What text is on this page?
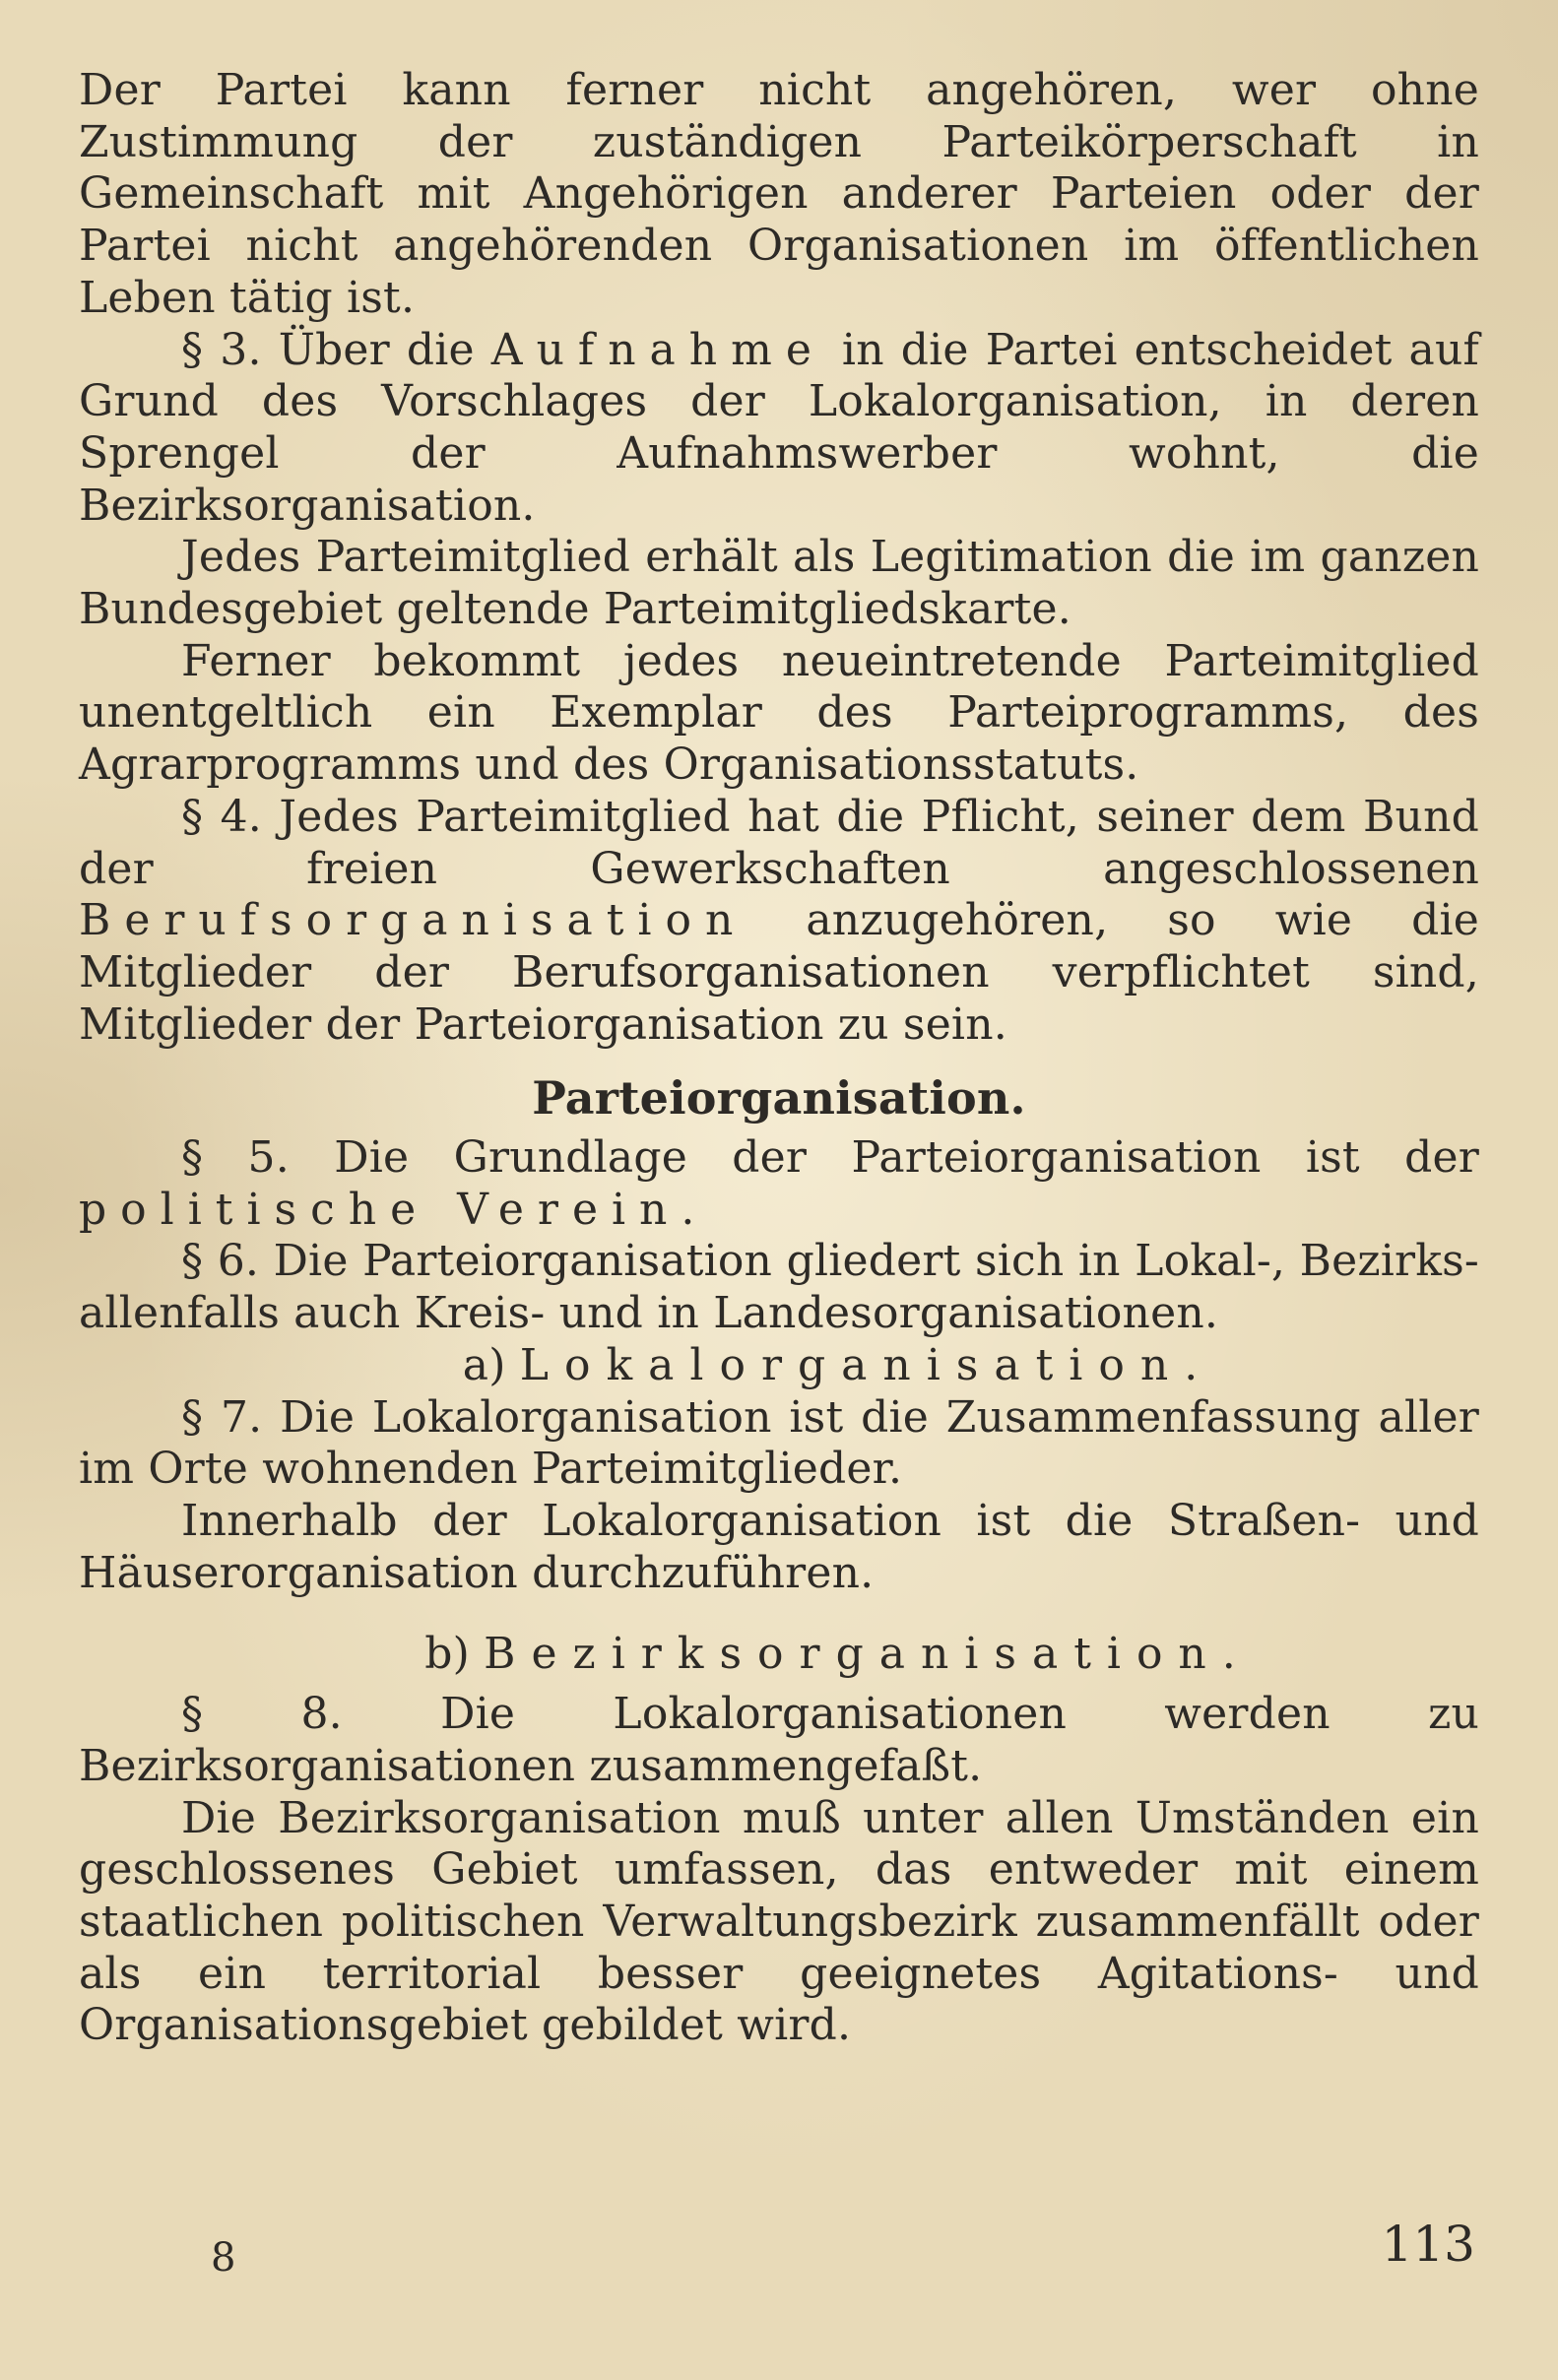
Der Partei kann ferner nicht angehören, wer ohne Zustimmung der zuständigen Parteikörperschaft in Gemeinschaft mit Angehörigen anderer Parteien oder der Partei nicht angehörenden Organisationen im öffentlichen Leben tätig ist.

§ 3. Über die Aufnahme in die Partei entscheidet auf Grund des Vorschlages der Lokalorganisation, in deren Sprengel der Aufnahmswerber wohnt, die Bezirksorganisation.

Jedes Parteimitglied erhält als Legitimation die im ganzen Bundesgebiet geltende Parteimitgliedskarte.

Ferner bekommt jedes neueintretende Parteimitglied unentgeltlich ein Exemplar des Parteiprogramms, des Agrarprogramms und des Organisationsstatuts.

§ 4. Jedes Parteimitglied hat die Pflicht, seiner dem Bund der freien Gewerkschaften angeschlossenen Berufsorganisation anzugehören, so wie die Mitglieder der Berufsorganisationen verpflichtet sind, Mitglieder der Parteiorganisation zu sein.

Parteiorganisation.

§ 5. Die Grundlage der Parteiorganisation ist der politische Verein.

§ 6. Die Parteiorganisation gliedert sich in Lokal-, Bezirks- allenfalls auch Kreis- und in Landesorganisationen.

a) Lokalorganisation.

§ 7. Die Lokalorganisation ist die Zusammenfassung aller im Orte wohnenden Parteimitglieder.

Innerhalb der Lokalorganisation ist die Straßen- und Häuserorganisation durchzuführen.

b) Bezirksorganisation.

§ 8. Die Lokalorganisationen werden zu Bezirksorganisationen zusammengefaßt.

Die Bezirksorganisation muß unter allen Umständen ein geschlossenes Gebiet umfassen, das entweder mit einem staatlichen politischen Verwaltungsbezirk zusammenfällt oder als ein territorial besser geeignetes Agitations- und Organisationsgebiet gebildet wird.

8	113
